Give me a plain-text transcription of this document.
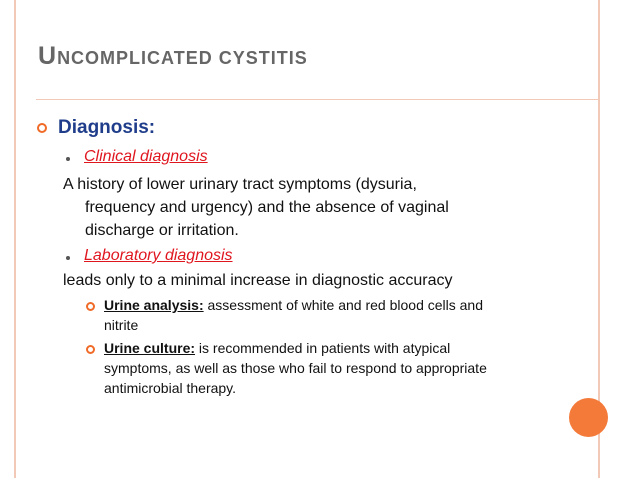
UNCOMPLICATED CYSTITIS
Diagnosis:
Clinical diagnosis
A history of lower urinary tract symptoms (dysuria,
frequency and urgency) and the absence of vaginal
discharge or irritation.
Laboratory diagnosis
leads only to a minimal increase in diagnostic accuracy
Urine analysis: assessment of white and red blood cells and
nitrite
Urine culture: is recommended in patients with atypical
symptoms, as well as those who fail to respond to appropriate
antimicrobial therapy.
